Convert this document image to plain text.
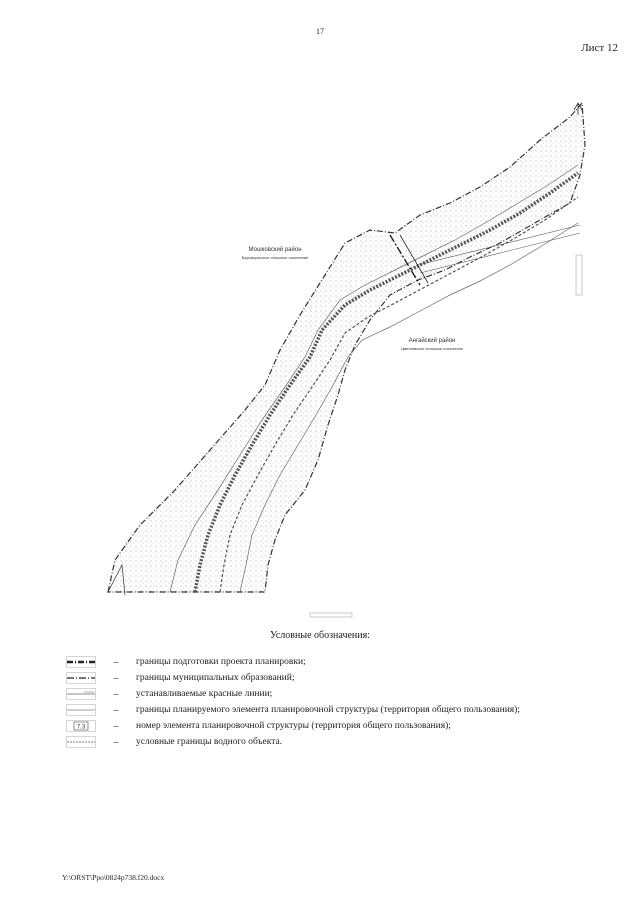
17
Лист 12
Мошковский район
Барлакульское сельское поселение
Ангайский район
Цветковское сельское поселение
Условные обозначения:
–	границы подготовки проекта планировки;
–	границы муниципальных образований;
–	устанавливаемые красные линии;
–	границы планируемого элемента планировочной структуры (территория общего пользования);
7.3	–	номер элемента планировочной структуры (территория общего пользования);
–	условные границы водного объекта.
Y:\ORST\Ppo\0824p738.f20.docx
